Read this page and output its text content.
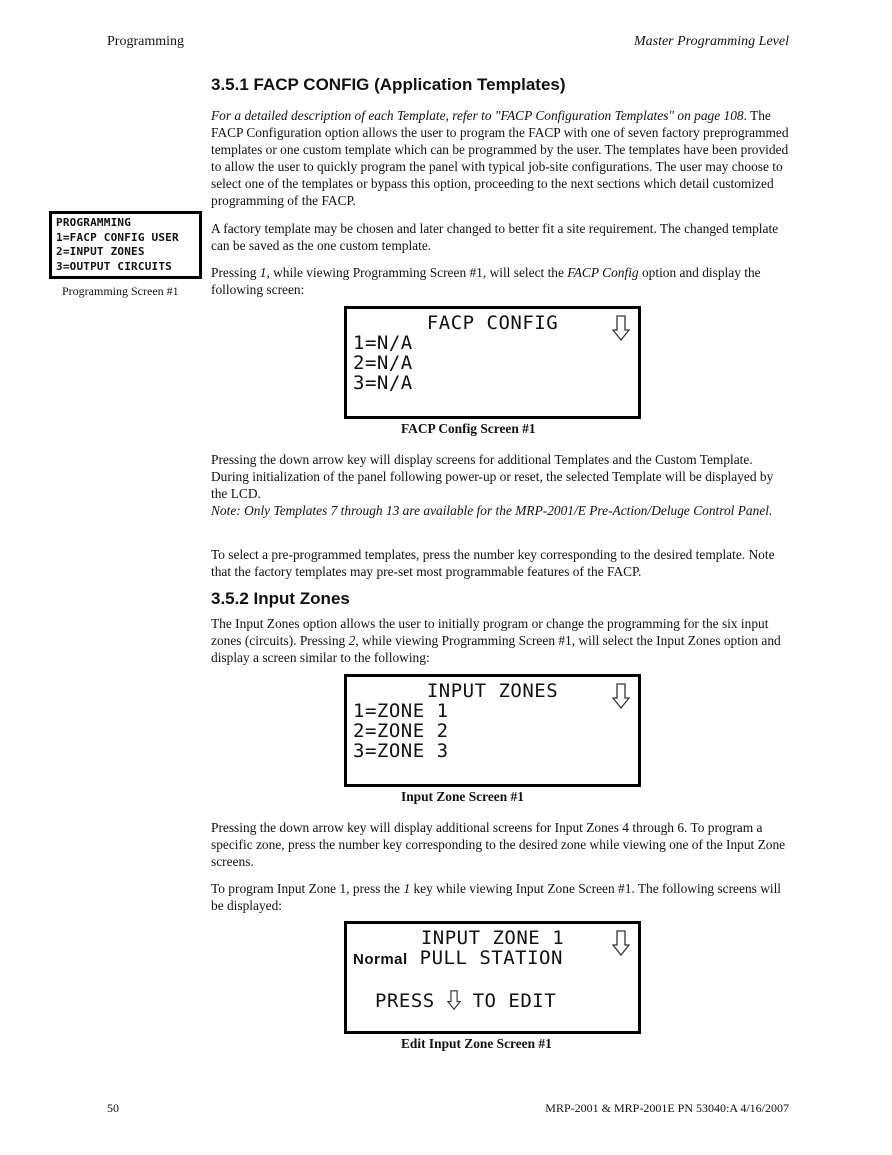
Programming	Master Programming Level
3.5.1 FACP CONFIG (Application Templates)

For a detailed description of each Template, refer to "FACP Configuration Templates" on page 108. The FACP Configuration option allows the user to program the FACP with one of seven factory preprogrammed templates or one custom template which can be programmed by the user. The templates have been provided to allow the user to quickly program the panel with typical job-site configurations. The user may choose to select one of the templates or bypass this option, proceeding to the next sections which detail customized programming of the FACP.

A factory template may be chosen and later changed to better fit a site requirement. The changed template can be saved as the one custom template.

Pressing 1, while viewing Programming Screen #1, will select the FACP Config option and display the following screen:

PROGRAMMING
1=FACP CONFIG USER
2=INPUT ZONES
3=OUTPUT CIRCUITS
Programming Screen #1
FACP CONFIG
1=N/A
2=N/A
3=N/A
FACP Config Screen #1

Pressing the down arrow key will display screens for additional Templates and the Custom Template. During initialization of the panel following power-up or reset, the selected Template will be displayed by the LCD.
Note: Only Templates 7 through 13 are available for the MRP-2001/E Pre-Action/Deluge Control Panel.

To select a pre-programmed templates, press the number key corresponding to the desired template. Note that the factory templates may pre-set most programmable features of the FACP.

3.5.2 Input Zones

The Input Zones option allows the user to initially program or change the programming for the six input zones (circuits). Pressing 2, while viewing Programming Screen #1, will select the Input Zones option and display a screen similar to the following:

INPUT ZONES
1=ZONE 1
2=ZONE 2
3=ZONE 3
Input Zone Screen #1

Pressing the down arrow key will display additional screens for Input Zones 4 through 6. To program a specific zone, press the number key corresponding to the desired zone while viewing one of the Input Zone screens.

To program Input Zone 1, press the 1 key while viewing Input Zone Screen #1. The following screens will be displayed:

INPUT ZONE 1
Normal PULL STATION

PRESS TO EDIT
Edit Input Zone Screen #1
50	MRP-2001 & MRP-2001E PN 53040:A 4/16/2007
